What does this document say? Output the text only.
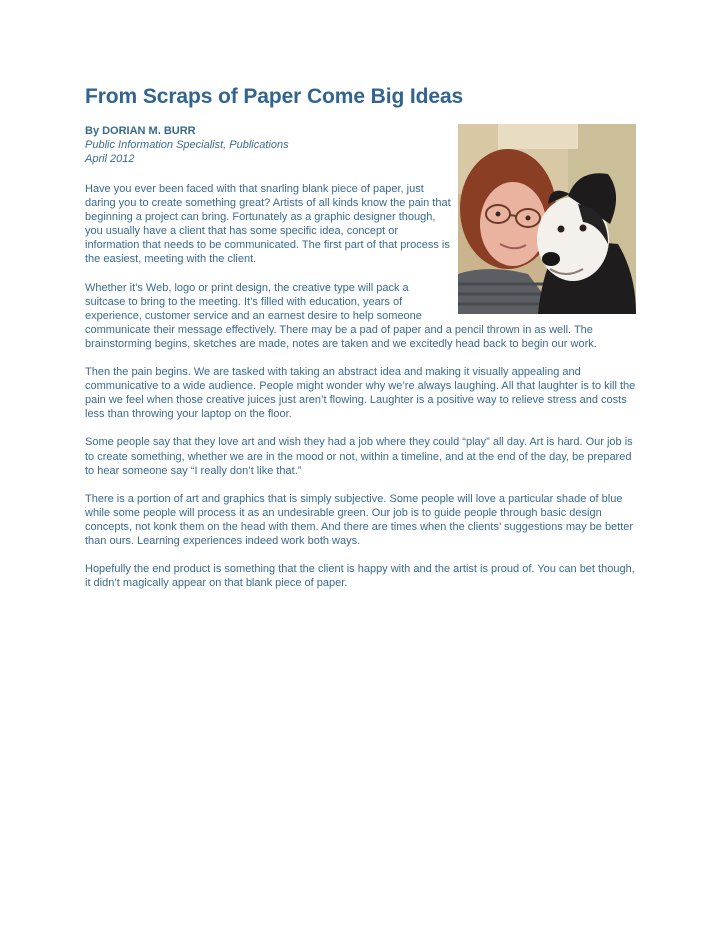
From Scraps of Paper Come Big Ideas
By DORIAN M. BURR
Public Information Specialist, Publications
April 2012

Have you ever been faced with that snarling blank piece of paper, just daring you to create something great? Artists of all kinds know the pain that beginning a project can bring. Fortunately as a graphic designer though, you usually have a client that has some specific idea, concept or information that needs to be communicated. The first part of that process is the easiest, meeting with the client.

Whether it’s Web, logo or print design, the creative type will pack a suitcase to bring to the meeting. It’s filled with education, years of experience, customer service and an earnest desire to help someone communicate their message effectively. There may be a pad of paper and a pencil thrown in as well. The brainstorming begins, sketches are made, notes are taken and we excitedly head back to begin our work.

Then the pain begins. We are tasked with taking an abstract idea and making it visually appealing and communicative to a wide audience. People might wonder why we’re always laughing. All that laughter is to kill the pain we feel when those creative juices just aren’t flowing. Laughter is a positive way to relieve stress and costs less than throwing your laptop on the floor.

Some people say that they love art and wish they had a job where they could “play” all day. Art is hard. Our job is to create something, whether we are in the mood or not, within a timeline, and at the end of the day, be prepared to hear someone say “I really don’t like that.”

There is a portion of art and graphics that is simply subjective. Some people will love a particular shade of blue while some people will process it as an undesirable green. Our job is to guide people through basic design concepts, not konk them on the head with them. And there are times when the clients’ suggestions may be better than ours. Learning experiences indeed work both ways.

Hopefully the end product is something that the client is happy with and the artist is proud of. You can bet though, it didn’t magically appear on that blank piece of paper.
